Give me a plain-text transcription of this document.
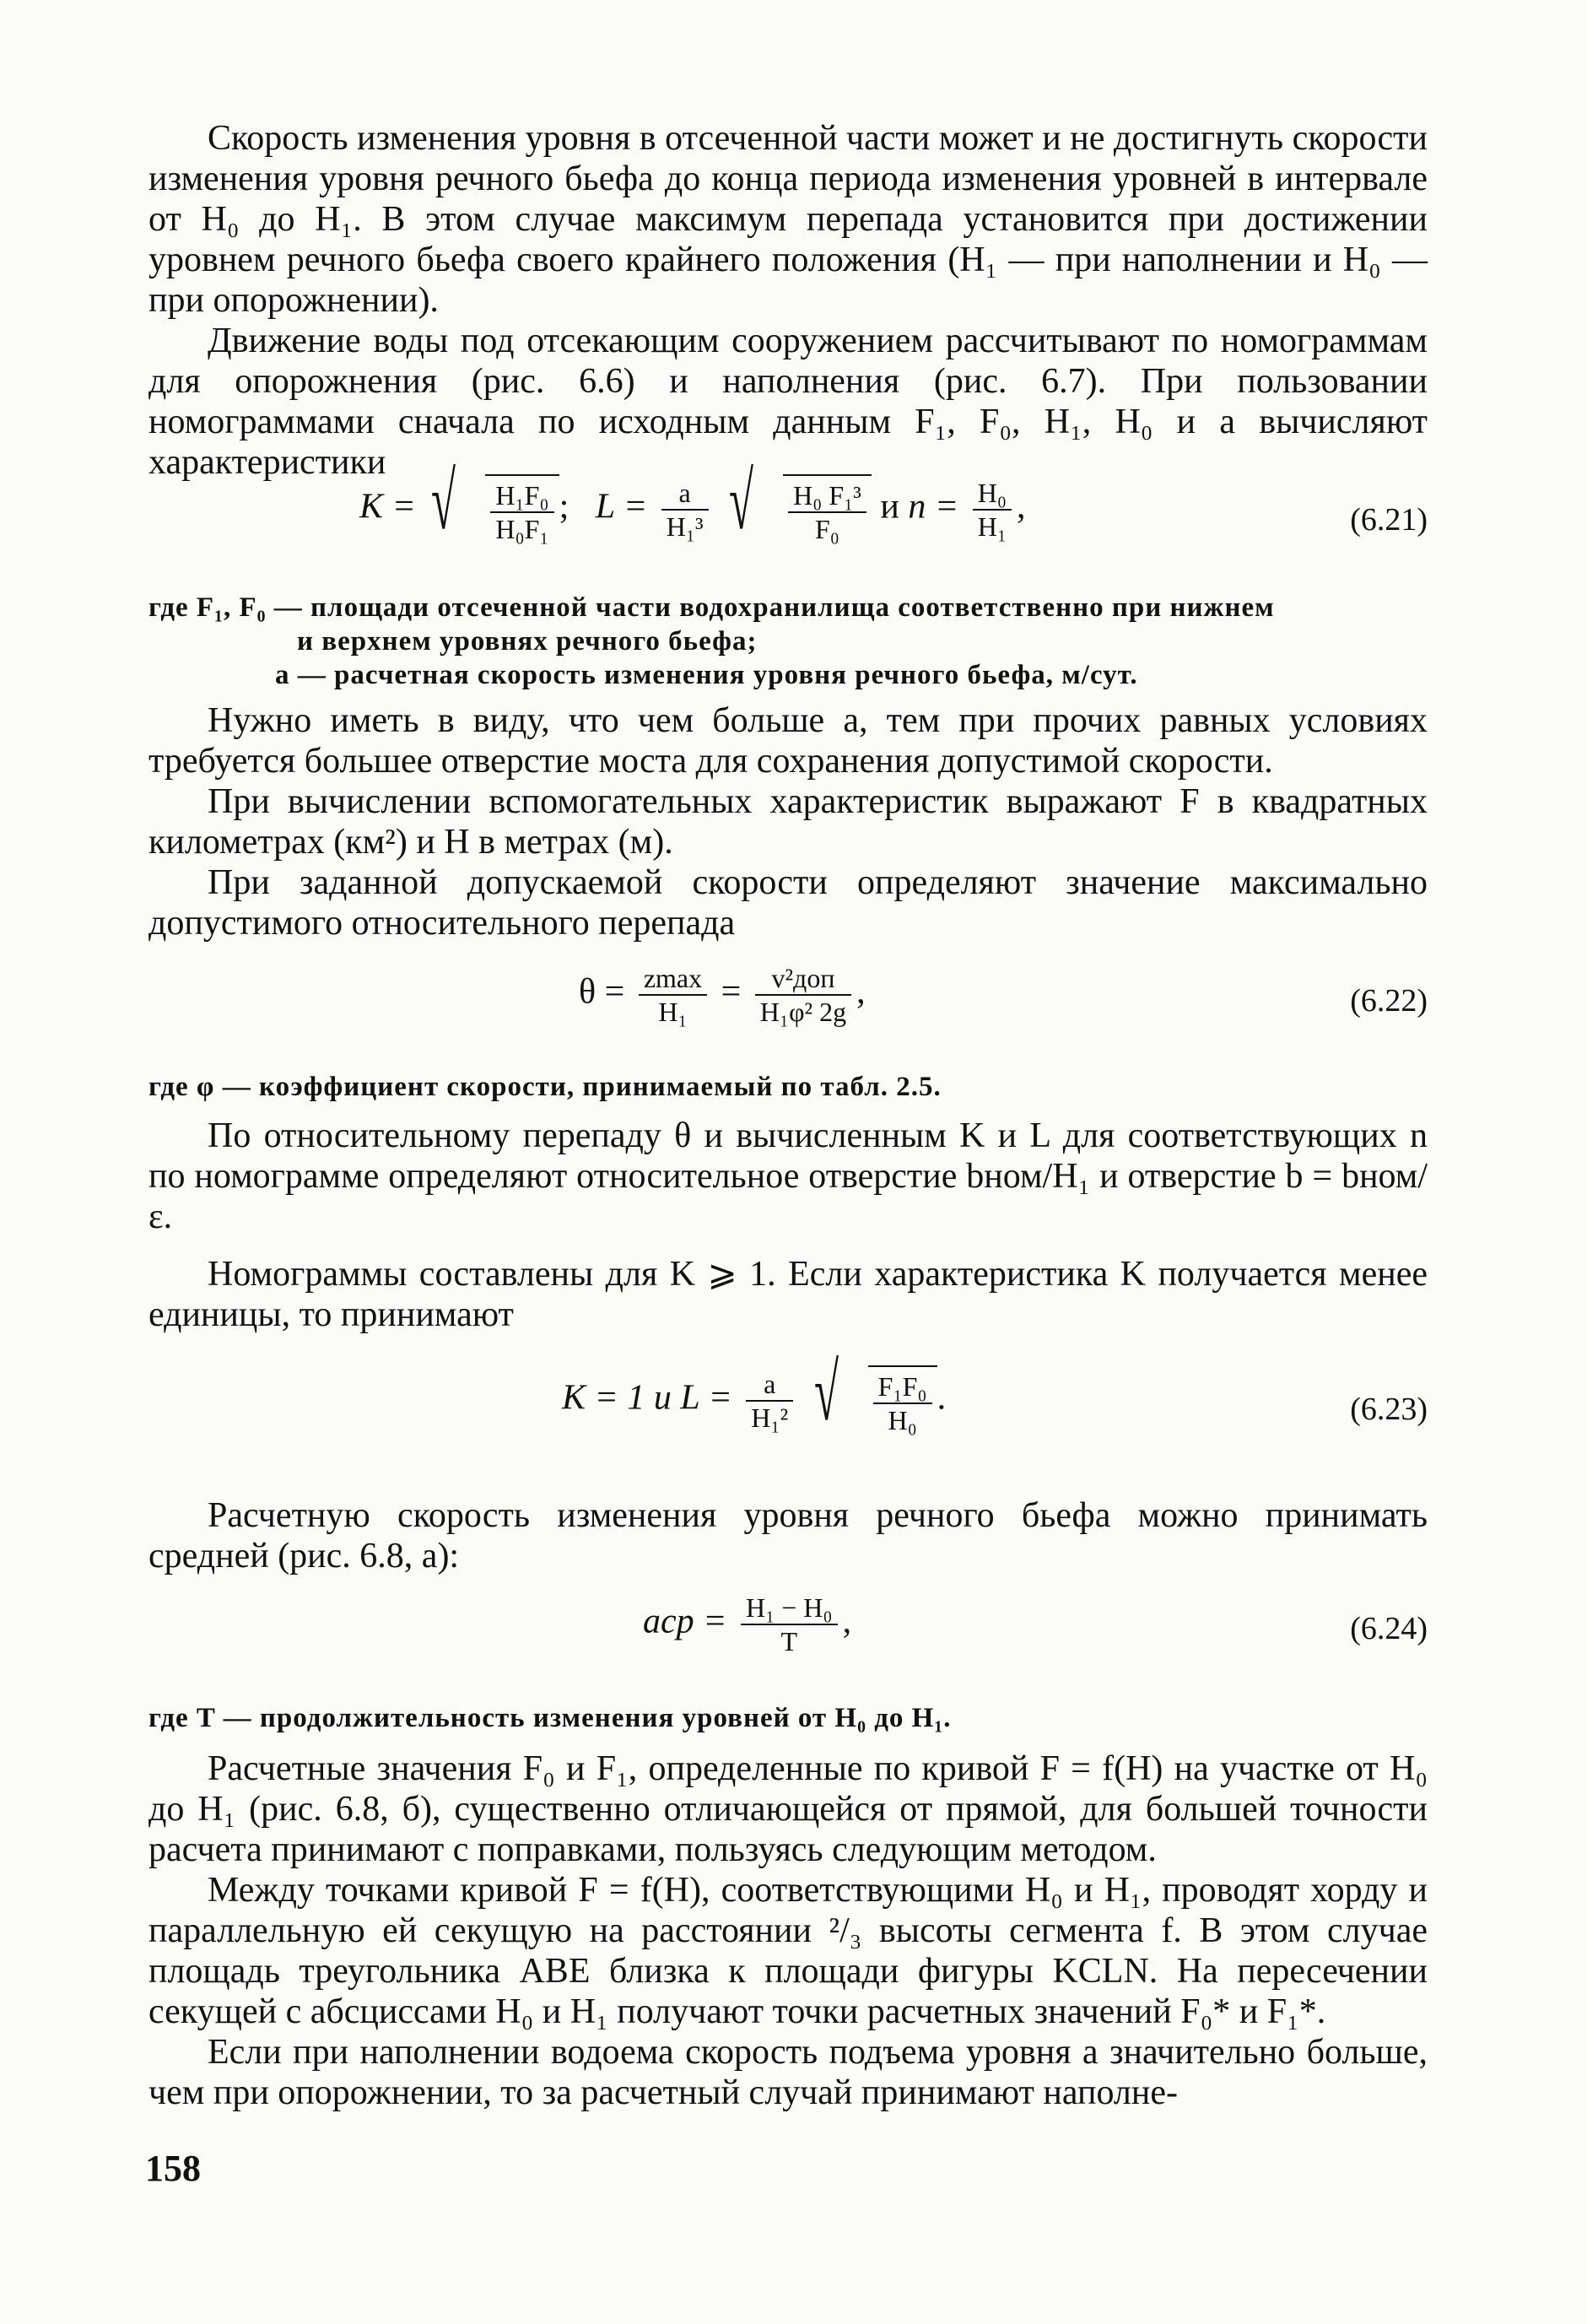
Скорость изменения уровня в отсеченной части может и не достигнуть скорости изменения уровня речного бьефа до конца периода изменения уровней в интервале от H₀ до H₁. В этом случае максимум перепада установится при достижении уровнем речного бьефа своего крайнего положения (H₁ — при наполнении и H₀ — при опорожнении).

Движение воды под отсекающим сооружением рассчитывают по номограммам для опорожнения (рис. 6.6) и наполнения (рис. 6.7). При пользовании номограммами сначала по исходным данным F₁, F₀, H₁, H₀ и a вычисляют характеристики

K = √ $\frac{\text{H₁F₀}}{\text{H₀F₁}}$ ; $L = \frac{a}{\text{H₁³}}$
√ $\frac{\text{H₀ F₁³}}{\text{F₀}}$ и $n = \frac{\text{H₀}}{\text{H₁}}$ ,	(6.21)

где F₁, F₀ — площади отсеченной части водохранилища соответственно при нижнем

и верхнем уровнях речного бьефа;

a — расчетная скорость изменения уровня речного бьефа, м/сут.

Нужно иметь в виду, что чем больше a, тем при прочих равных условиях требуется большее отверстие моста для сохранения допустимой скорости.

При вычислении вспомогательных характеристик выражают F в квадратных километрах (км²) и H в метрах (м).

При заданной допускаемой скорости определяют значение максимально допустимого относительного перепада

$\theta = \frac{zmax}{\text{H₁}} = \frac{\text{v²доп}}{\text{H₁φ² 2g}}$ ,	(6.22)

где φ — коэффициент скорости, принимаемый по табл. 2.5.

По относительному перепаду θ и вычисленным K и L для соответствующих n по номограмме определяют относительное отверстие bном/H₁ и отверстие b = bном/ε.

Номограммы составлены для K ⩾ 1. Если характеристика K получается менее единицы, то принимают

K = 1 и $L = \frac{a}{\text{H₁²}}$
√ $\frac{\text{F₁F₀}}{\text{H₀}}$ .	(6.23)

Расчетную скорость изменения уровня речного бьефа можно принимать средней (рис. 6.8, а):

aср = $\frac{\text{H₁ − H₀}}{T}$ ,	(6.24)

где T — продолжительность изменения уровней от H₀ до H₁.

Расчетные значения F₀ и F₁, определенные по кривой F = f(H) на участке от H₀ до H₁ (рис. 6.8, б), существенно отличающейся от прямой, для большей точности расчета принимают с поправками, пользуясь следующим методом.

Между точками кривой F = f(H), соответствующими H₀ и H₁, проводят хорду и параллельную ей секущую на расстоянии ²/₃ высоты сегмента f. В этом случае площадь треугольника ABE близка к площади фигуры KCLN. На пересечении секущей с абсциссами H₀ и H₁ получают точки расчетных значений F₀* и F₁*.

Если при наполнении водоема скорость подъема уровня a значительно больше, чем при опорожнении, то за расчетный случай принимают наполне-

158
